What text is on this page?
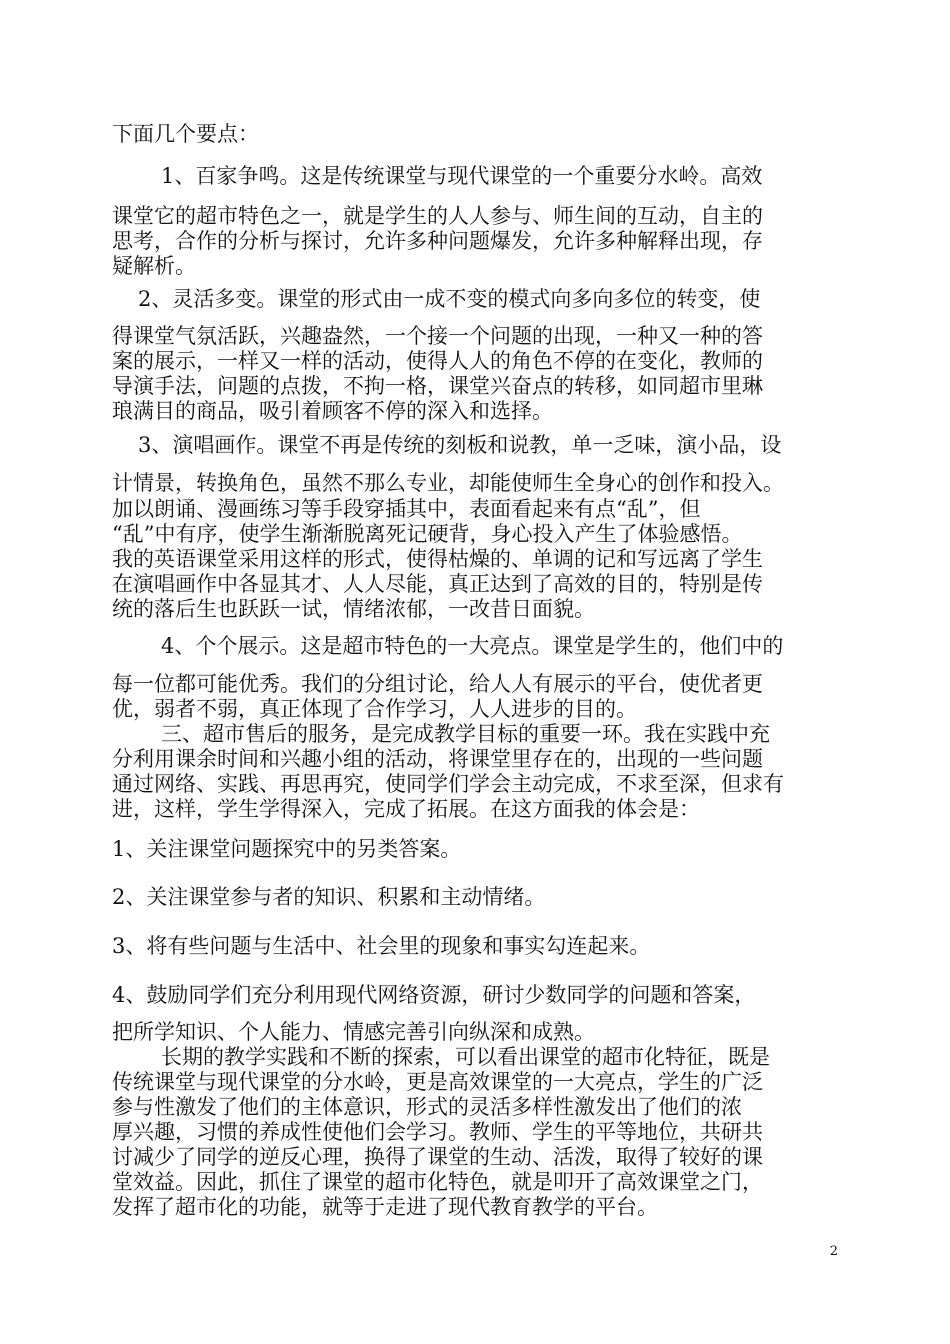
下面几个要点：
1、百家争鸣。这是传统课堂与现代课堂的一个重要分水岭。高效
课堂它的超市特色之一，就是学生的人人参与、师生间的互动，自主的
思考，合作的分析与探讨，允许多种问题爆发，允许多种解释出现，存
疑解析。
2、灵活多变。课堂的形式由一成不变的模式向多向多位的转变，使
得课堂气氛活跃，兴趣盎然，一个接一个问题的出现，一种又一种的答
案的展示，一样又一样的活动，使得人人的角色不停的在变化，教师的
导演手法，问题的点拨，不拘一格，课堂兴奋点的转移，如同超市里琳
琅满目的商品，吸引着顾客不停的深入和选择。
3、演唱画作。课堂不再是传统的刻板和说教，单一乏味，演小品，设
计情景，转换角色，虽然不那么专业，却能使师生全身心的创作和投入。
加以朗诵、漫画练习等手段穿插其中，表面看起来有点“乱”，但
“乱”中有序，使学生渐渐脱离死记硬背，身心投入产生了体验感悟。
我的英语课堂采用这样的形式，使得枯燥的、单调的记和写远离了学生
在演唱画作中各显其才、人人尽能，真正达到了高效的目的，特别是传
统的落后生也跃跃一试，情绪浓郁，一改昔日面貌。
4、个个展示。这是超市特色的一大亮点。课堂是学生的，他们中的
每一位都可能优秀。我们的分组讨论，给人人有展示的平台，使优者更
优，弱者不弱，真正体现了合作学习，人人进步的目的。
三、超市售后的服务，是完成教学目标的重要一环。我在实践中充
分利用课余时间和兴趣小组的活动，将课堂里存在的，出现的一些问题
通过网络、实践、再思再究，使同学们学会主动完成，不求至深，但求有
进，这样，学生学得深入，完成了拓展。在这方面我的体会是：
1、关注课堂问题探究中的另类答案。
2、关注课堂参与者的知识、积累和主动情绪。
3、将有些问题与生活中、社会里的现象和事实勾连起来。
4、鼓励同学们充分利用现代网络资源，研讨少数同学的问题和答案，
把所学知识、个人能力、情感完善引向纵深和成熟。
长期的教学实践和不断的探索，可以看出课堂的超市化特征，既是
传统课堂与现代课堂的分水岭，更是高效课堂的一大亮点，学生的广泛
参与性激发了他们的主体意识，形式的灵活多样性激发出了他们的浓
厚兴趣，习惯的养成性使他们会学习。教师、学生的平等地位，共研共
讨减少了同学的逆反心理，换得了课堂的生动、活泼，取得了较好的课
堂效益。因此，抓住了课堂的超市化特色，就是叩开了高效课堂之门，
发挥了超市化的功能，就等于走进了现代教育教学的平台。
2
